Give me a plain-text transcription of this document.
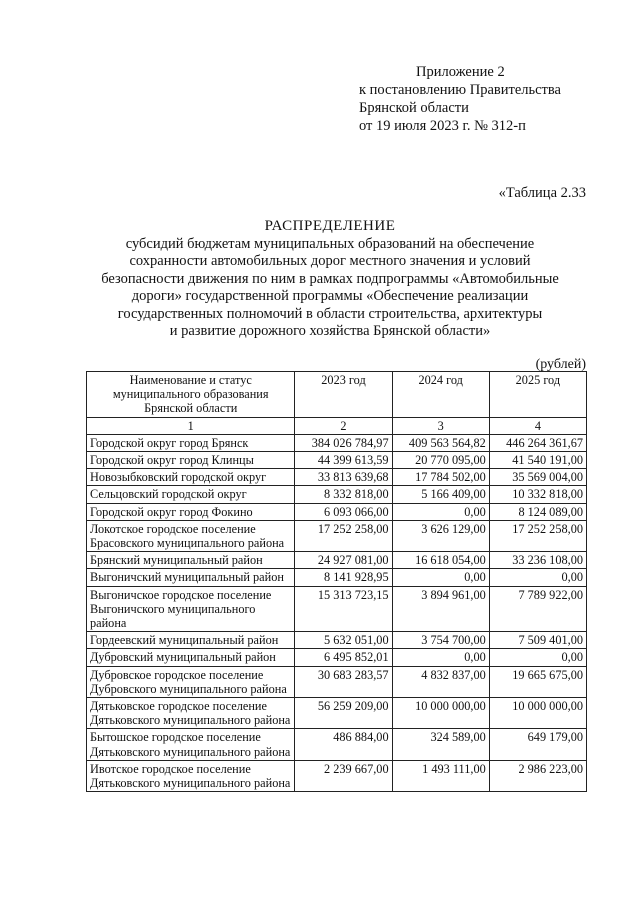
Приложение 2
к постановлению Правительства
Брянской области
от 19 июля 2023 г. № 312-п
«Таблица 2.33
РАСПРЕДЕЛЕНИЕ
субсидий бюджетам муниципальных образований на обеспечение
сохранности автомобильных дорог местного значения и условий
безопасности движения по ним в рамках подпрограммы «Автомобильные
дороги» государственной программы «Обеспечение реализации
государственных полномочий в области строительства, архитектуры
и развитие дорожного хозяйства Брянской области»
(рублей)
Наименование и статус муниципального образования Брянской области	2023 год	2024 год	2025 год
1	2	3	4
Городской округ город Брянск	384 026 784,97	409 563 564,82	446 264 361,67
Городской округ город Клинцы	44 399 613,59	20 770 095,00	41 540 191,00
Новозыбковский городской округ	33 813 639,68	17 784 502,00	35 569 004,00
Сельцовский городской округ	8 332 818,00	5 166 409,00	10 332 818,00
Городской округ город Фокино	6 093 066,00	0,00	8 124 089,00
Локотское городское поселение Брасовского муниципального района	17 252 258,00	3 626 129,00	17 252 258,00
Брянский муниципальный район	24 927 081,00	16 618 054,00	33 236 108,00
Выгоничский муниципальный район	8 141 928,95	0,00	0,00
Выгоничское городское поселение Выгоничского муниципального района	15 313 723,15	3 894 961,00	7 789 922,00
Гордеевский муниципальный район	5 632 051,00	3 754 700,00	7 509 401,00
Дубровский муниципальный район	6 495 852,01	0,00	0,00
Дубровское городское поселение Дубровского муниципального района	30 683 283,57	4 832 837,00	19 665 675,00
Дятьковское городское поселение Дятьковского муниципального района	56 259 209,00	10 000 000,00	10 000 000,00
Бытошское городское поселение Дятьковского муниципального района	486 884,00	324 589,00	649 179,00
Ивотское городское поселение Дятьковского муниципального района	2 239 667,00	1 493 111,00	2 986 223,00
